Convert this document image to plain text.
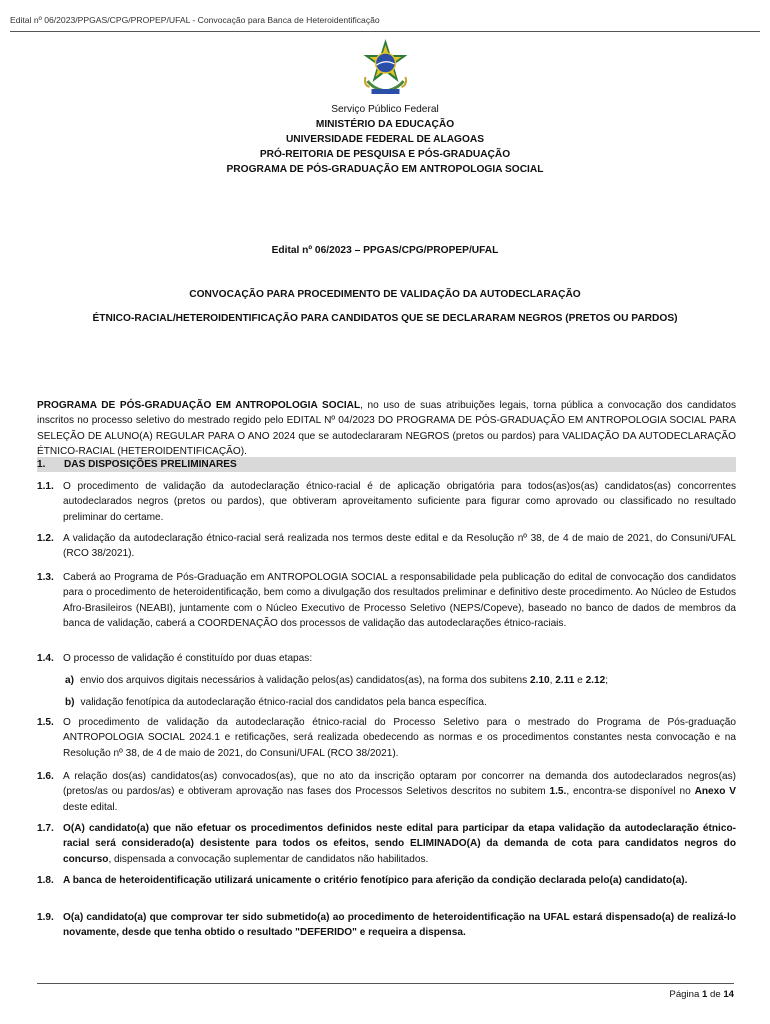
Edital nº 06/2023/PPGAS/CPG/PROPEP/UFAL - Convocação para Banca de Heteroidentificação
Serviço Público Federal
MINISTÉRIO DA EDUCAÇÃO
UNIVERSIDADE FEDERAL DE ALAGOAS
PRÓ-REITORIA DE PESQUISA E PÓS-GRADUAÇÃO
PROGRAMA DE PÓS-GRADUAÇÃO EM ANTROPOLOGIA SOCIAL
Edital nº 06/2023 – PPGAS/CPG/PROPEP/UFAL
CONVOCAÇÃO PARA PROCEDIMENTO DE VALIDAÇÃO DA AUTODECLARAÇÃO
ÉTNICO-RACIAL/HETEROIDENTIFICAÇÃO PARA CANDIDATOS QUE SE DECLARARAM NEGROS (PRETOS OU PARDOS)
PROGRAMA DE PÓS-GRADUAÇÃO EM ANTROPOLOGIA SOCIAL, no uso de suas atribuições legais, torna pública a convocação dos candidatos inscritos no processo seletivo do mestrado regido pelo EDITAL Nº 04/2023 DO PROGRAMA DE PÓS-GRADUAÇÃO EM ANTROPOLOGIA SOCIAL PARA SELEÇÃO DE ALUNO(A) REGULAR PARA O ANO 2024 que se autodeclararam NEGROS (pretos ou pardos) para VALIDAÇÃO DA AUTODECLARAÇÃO ÉTNICO-RACIAL (HETEROIDENTIFICAÇÃO).
1. DAS DISPOSIÇÕES PRELIMINARES
1.1. O procedimento de validação da autodeclaração étnico-racial é de aplicação obrigatória para todos(as)os(as) candidatos(as) concorrentes autodeclarados negros (pretos ou pardos), que obtiveram aproveitamento suficiente para figurar como aprovado ou classificado no resultado preliminar do certame.
1.2. A validação da autodeclaração étnico-racial será realizada nos termos deste edital e da Resolução nº 38, de 4 de maio de 2021, do Consuni/UFAL (RCO 38/2021).
1.3. Caberá ao Programa de Pós-Graduação em ANTROPOLOGIA SOCIAL a responsabilidade pela publicação do edital de convocação dos candidatos para o procedimento de heteroidentificação, bem como a divulgação dos resultados preliminar e definitivo deste procedimento. Ao Núcleo de Estudos Afro-Brasileiros (NEABI), juntamente com o Núcleo Executivo de Processo Seletivo (NEPS/Copeve), baseado no banco de dados de membros da banca de validação, caberá a COORDENAÇÃO dos processos de validação das autodeclarações étnico-raciais.
1.4. O processo de validação é constituído por duas etapas:
a) envio dos arquivos digitais necessários à validação pelos(as) candidatos(as), na forma dos subitens 2.10, 2.11 e 2.12;
b) validação fenotípica da autodeclaração étnico-racial dos candidatos pela banca específica.
1.5. O procedimento de validação da autodeclaração étnico-racial do Processo Seletivo para o mestrado do Programa de Pós-graduação ANTROPOLOGIA SOCIAL 2024.1 e retificações, será realizada obedecendo as normas e os procedimentos constantes nesta convocação e na Resolução nº 38, de 4 de maio de 2021, do Consuni/UFAL (RCO 38/2021).
1.6. A relação dos(as) candidatos(as) convocados(as), que no ato da inscrição optaram por concorrer na demanda dos autodeclarados negros(as) (pretos/as ou pardos/as) e obtiveram aprovação nas fases dos Processos Seletivos descritos no subitem 1.5., encontra-se disponível no Anexo V deste edital.
1.7. O(A) candidato(a) que não efetuar os procedimentos definidos neste edital para participar da etapa validação da autodeclaração étnico-racial será considerado(a) desistente para todos os efeitos, sendo ELIMINADO(A) da demanda de cota para candidatos negros do concurso, dispensada a convocação suplementar de candidatos não habilitados.
1.8. A banca de heteroidentificação utilizará unicamente o critério fenotípico para aferição da condição declarada pelo(a) candidato(a).
1.9. O(a) candidato(a) que comprovar ter sido submetido(a) ao procedimento de heteroidentificação na UFAL estará dispensado(a) de realizá-lo novamente, desde que tenha obtido o resultado "DEFERIDO" e requeira a dispensa.
Página 1 de 14
